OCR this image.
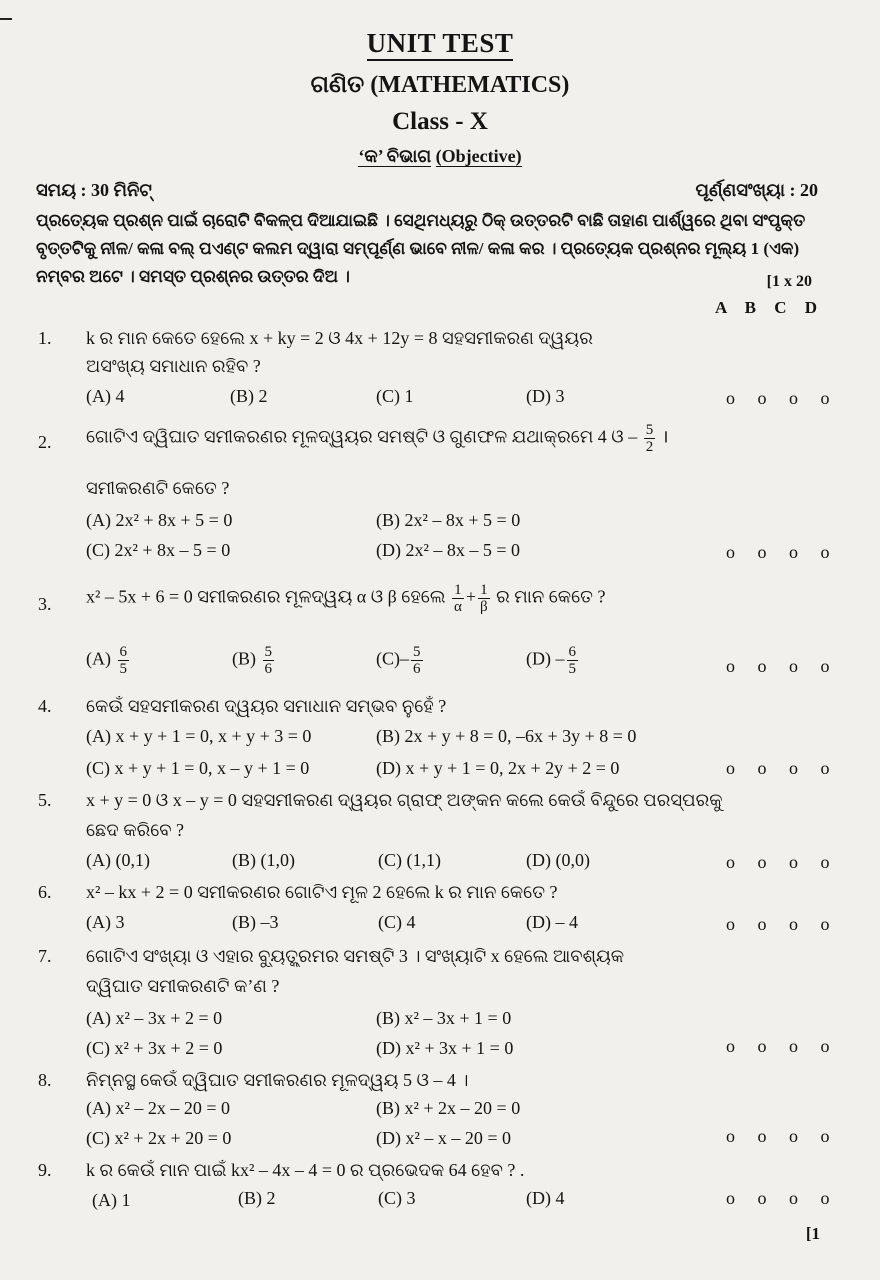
UNIT TEST
ଗଣିତ (MATHEMATICS)
Class - X
‘କ’ ବିଭାଗ (Objective)
ସମୟ : 30 ମିନିଟ୍	ପୂର୍ଣ୍ଣସଂଖ୍ୟା : 20
ପ୍ରତ୍ୟେକ ପ୍ରଶ୍ନ ପାଇଁ ଚାରୋଟି ବିକଳ୍ପ ଦିଆଯାଇଛି । ସେଥିମଧ୍ୟରୁ ଠିକ୍ ଉତ୍ତରଟି ବାଛି ତାହାଣ ପାର୍ଶ୍ୱରେ ଥିବା ସଂପୃକ୍ତ ବୃତ୍ତଟିକୁ ନୀଳ/ କଳା ବଲ୍ ପଏଣ୍ଟ କଲମ ଦ୍ୱାରା ସମ୍ପୂର୍ଣ୍ଣ ଭାବେ ନୀଳ/ କଳା କର । ପ୍ରତ୍ୟେକ ପ୍ରଶ୍ନର ମୂଲ୍ୟ 1 (ଏକ) ନମ୍ବର ଅଟେ । ସମସ୍ତ ପ୍ରଶ୍ନର ଉତ୍ତର ଦିଅ ।	[1 x 20
A B C D
1. k ର ମାନ କେତେ ହେଲେ x + ky = 2 ଓ 4x + 12y = 8 ସହସମୀକରଣ ଦ୍ୱୟର
ଅସଂଖ୍ୟ ସମାଧାନ ରହିବ ?
(A) 4	(B) 2	(C) 1	(D) 3	o o o o
2. ଗୋଟିଏ ଦ୍ୱିଘାତ ସମୀକରଣର ମୂଳଦ୍ୱୟର ସମଷ୍ଟି ଓ ଗୁଣଫଳ ଯଥାକ୍ରମେ 4 ଓ – $\frac{5}{2}$ ।
ସମୀକରଣଟି କେତେ ?
(A) 2x² + 8x + 5 = 0	(B) 2x² – 8x + 5 = 0
(C) 2x² + 8x – 5 = 0	(D) 2x² – 8x – 5 = 0	o o o o
3. x² – 5x + 6 = 0 ସମୀକରଣର ମୂଳଦ୍ୱୟ α ଓ β ହେଲେ $\frac{1}{\alpha} + \frac{1}{\beta}$ ର ମାନ କେତେ ?
$(A) \frac{6}{5}$	$(B) \frac{5}{6}$	$(C)- \frac{5}{6}$	$(D) - \frac{6}{5}$	o o o o
4. କେଉଁ ସହସମୀକରଣ ଦ୍ୱୟର ସମାଧାନ ସମ୍ଭବ ନୁହେଁ ?
(A) x + y + 1 = 0, x + y + 3 = 0	(B) 2x + y + 8 = 0, –6x + 3y + 8 = 0
(C) x + y + 1 = 0, x – y + 1 = 0	(D) x + y + 1 = 0, 2x + 2y + 2 = 0	o o o o
5. x + y = 0 ଓ x – y = 0 ସହସମୀକରଣ ଦ୍ୱୟର ଗ୍ରାଫ୍ ଅଙ୍କନ କଲେ କେଉଁ ବିନ୍ଦୁରେ ପରସ୍ପରକୁ
ଛେଦ କରିବେ ?
(A) (0,1)	(B) (1,0)	(C) (1,1)	(D) (0,0)	o o o o
6. x² – kx + 2 = 0 ସମୀକରଣର ଗୋଟିଏ ମୂଳ 2 ହେଲେ k ର ମାନ କେତେ ?
(A) 3	(B) –3	(C) 4	(D) – 4	o o o o
7. ଗୋଟିଏ ସଂଖ୍ୟା ଓ ଏହାର ବ୍ୟୁତ୍କ୍ରମର ସମଷ୍ଟି 3 । ସଂଖ୍ୟାଟି x ହେଲେ ଆବଶ୍ୟକ
ଦ୍ୱିଘାତ ସମୀକରଣଟି କ’ଣ ?
(A) x² – 3x + 2 = 0	(B) x² – 3x + 1 = 0
(C) x² + 3x + 2 = 0	(D) x² + 3x + 1 = 0	o o o o
8. ନିମ୍ନସ୍ଥ କେଉଁ ଦ୍ୱିଘାତ ସମୀକରଣର ମୂଳଦ୍ୱୟ 5 ଓ – 4 ।
(A) x² – 2x – 20 = 0	(B) x² + 2x – 20 = 0
(C) x² + 2x + 20 = 0	(D) x² – x – 20 = 0	o o o o
9. k ର କେଉଁ ମାନ ପାଇଁ kx² – 4x – 4 = 0 ର ପ୍ରଭେଦକ 64 ହେବ ? .
(A) 1	(B) 2	(C) 3	(D) 4	o o o o
[1
